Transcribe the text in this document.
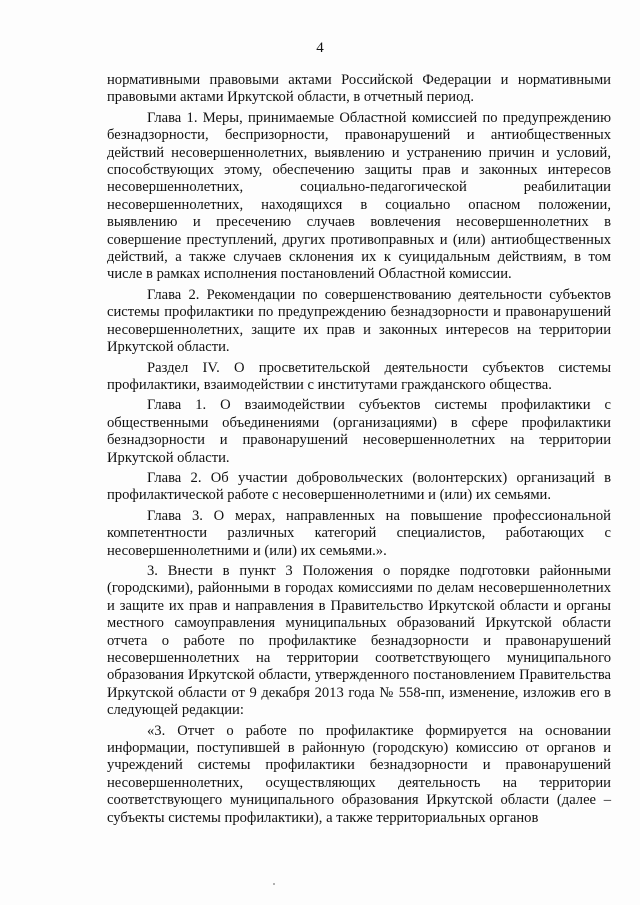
4

нормативными правовыми актами Российской Федерации и нормативными правовыми актами Иркутской области, в отчетный период.

Глава 1. Меры, принимаемые Областной комиссией по предупреждению безнадзорности, беспризорности, правонарушений и антиобщественных действий несовершеннолетних, выявлению и устранению причин и условий, способствующих этому, обеспечению защиты прав и законных интересов несовершеннолетних, социально-педагогической реабилитации несовершеннолетних, находящихся в социально опасном положении, выявлению и пресечению случаев вовлечения несовершеннолетних в совершение преступлений, других противоправных и (или) антиобщественных действий, а также случаев склонения их к суицидальным действиям, в том числе в рамках исполнения постановлений Областной комиссии.

Глава 2. Рекомендации по совершенствованию деятельности субъектов системы профилактики по предупреждению безнадзорности и правонарушений несовершеннолетних, защите их прав и законных интересов на территории Иркутской области.

Раздел IV. О просветительской деятельности субъектов системы профилактики, взаимодействии с институтами гражданского общества.

Глава 1. О взаимодействии субъектов системы профилактики с общественными объединениями (организациями) в сфере профилактики безнадзорности и правонарушений несовершеннолетних на территории Иркутской области.

Глава 2. Об участии добровольческих (волонтерских) организаций в профилактической работе с несовершеннолетними и (или) их семьями.

Глава 3. О мерах, направленных на повышение профессиональной компетентности различных категорий специалистов, работающих с несовершеннолетними и (или) их семьями.».

3. Внести в пункт 3 Положения о порядке подготовки районными (городскими), районными в городах комиссиями по делам несовершеннолетних и защите их прав и направления в Правительство Иркутской области и органы местного самоуправления муниципальных образований Иркутской области отчета о работе по профилактике безнадзорности и правонарушений несовершеннолетних на территории соответствующего муниципального образования Иркутской области, утвержденного постановлением Правительства Иркутской области от 9 декабря 2013 года № 558-пп, изменение, изложив его в следующей редакции:

«3. Отчет о работе по профилактике формируется на основании информации, поступившей в районную (городскую) комиссию от органов и учреждений системы профилактики безнадзорности и правонарушений несовершеннолетних, осуществляющих деятельность на территории соответствующего муниципального образования Иркутской области (далее – субъекты системы профилактики), а также территориальных органов
